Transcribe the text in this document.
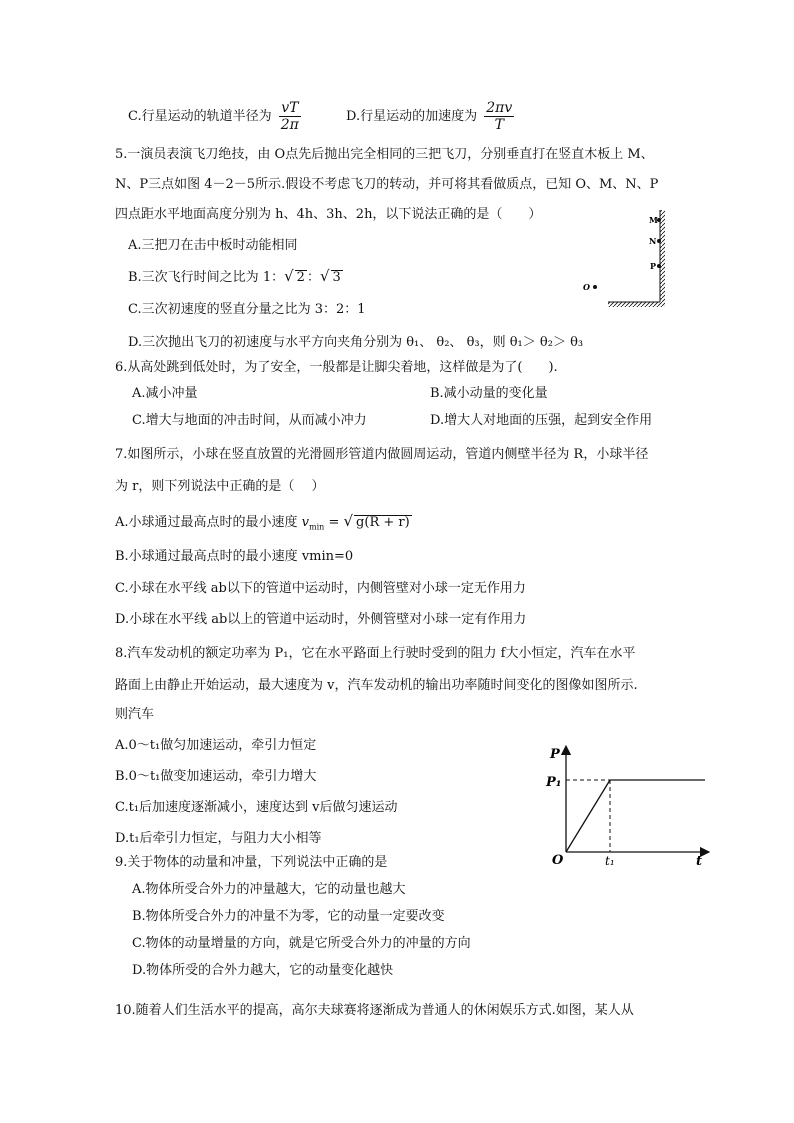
C.行星运动的轨道半径为 $\frac{vT}{2\pi}$	D.行星运动的加速度为 $\frac{2\pi v}{T}$
5.一演员表演飞刀绝技，由 O点先后抛出完全相同的三把飞刀，分别垂直打在竖直木板上 M、
N、P三点如图 4－2－5所示.假设不考虑飞刀的转动，并可将其看做质点，已知 O、M、N、P
四点距水平地面高度分别为 h、4h、3h、2h，以下说法正确的是（　　）
A.三把刀在击中板时动能相同
B.三次飞行时间之比为 1：√ 2 ：√ 3
C.三次初速度的竖直分量之比为 3：2：1
D.三次抛出飞刀的初速度与水平方向夹角分别为 θ₁、 θ₂、 θ₃，则 θ₁＞ θ₂＞ θ₃
M
N
P
O
6.从高处跳到低处时，为了安全，一般都是让脚尖着地，这样做是为了(　　).
A.减小冲量	B.减小动量的变化量
C.增大与地面的冲击时间，从而减小冲力	D.增大人对地面的压强，起到安全作用
7.如图所示，小球在竖直放置的光滑圆形管道内做圆周运动，管道内侧壁半径为 R，小球半径
为 r，则下列说法中正确的是（　 ）
A.小球通过最高点时的最小速度 $v_{min}$ = √ g(R + r)
B.小球通过最高点时的最小速度 vmin=0
C.小球在水平线 ab以下的管道中运动时，内侧管壁对小球一定无作用力
D.小球在水平线 ab以上的管道中运动时，外侧管壁对小球一定有作用力
8.汽车发动机的额定功率为 P₁，它在水平路面上行驶时受到的阻力 f大小恒定，汽车在水平
路面上由静止开始运动，最大速度为 v，汽车发动机的输出功率随时间变化的图像如图所示.
则汽车
A.0～t₁做匀加速运动，牵引力恒定
B.0～t₁做变加速运动，牵引力增大
C.t₁后加速度逐渐减小，速度达到 v后做匀速运动
D.t₁后牵引力恒定，与阻力大小相等
P
P₁
O	t₁	t
9.关于物体的动量和冲量，下列说法中正确的是
A.物体所受合外力的冲量越大，它的动量也越大
B.物体所受合外力的冲量不为零，它的动量一定要改变
C.物体的动量增量的方向，就是它所受合外力的冲量的方向
D.物体所受的合外力越大，它的动量变化越快
10.随着人们生活水平的提高，高尔夫球赛将逐渐成为普通人的休闲娱乐方式.如图，某人从
